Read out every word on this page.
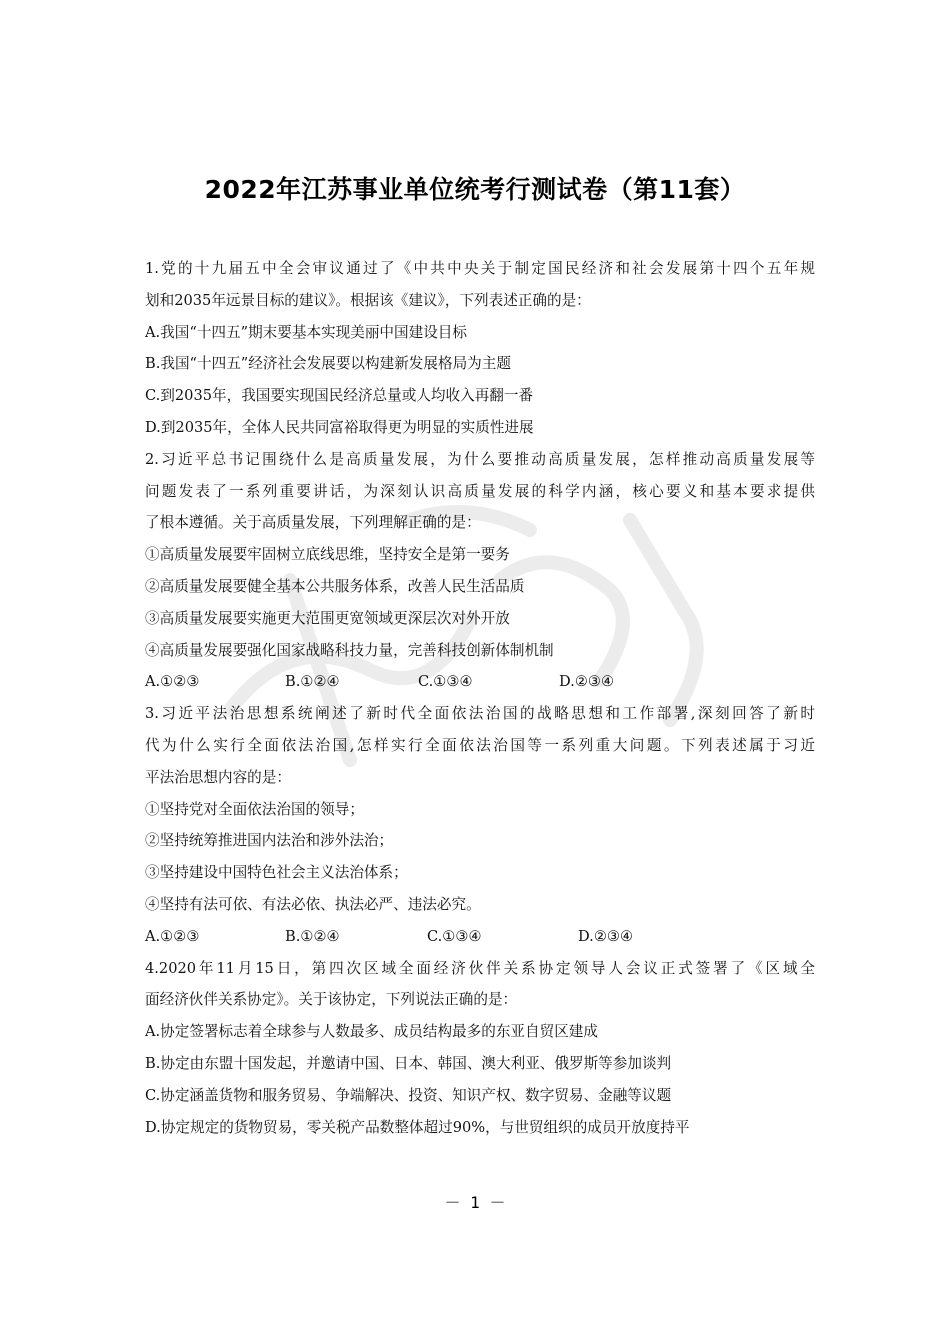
2022年江苏事业单位统考行测试卷（第11套）
1.党的十九届五中全会审议通过了《中共中央关于制定国民经济和社会发展第十四个五年规
划和2035年远景目标的建议》。根据该《建议》，下列表述正确的是：
A.我国“十四五”期末要基本实现美丽中国建设目标
B.我国“十四五”经济社会发展要以构建新发展格局为主题
C.到2035年，我国要实现国民经济总量或人均收入再翻一番
D.到2035年，全体人民共同富裕取得更为明显的实质性进展
2.习近平总书记围绕什么是高质量发展，为什么要推动高质量发展，怎样推动高质量发展等
问题发表了一系列重要讲话，为深刻认识高质量发展的科学内涵，核心要义和基本要求提供
了根本遵循。关于高质量发展，下列理解正确的是：
①高质量发展要牢固树立底线思维，坚持安全是第一要务
②高质量发展要健全基本公共服务体系，改善人民生活品质
③高质量发展要实施更大范围更宽领域更深层次对外开放
④高质量发展要强化国家战略科技力量，完善科技创新体制机制
A.①②③	B.①②④	C.①③④	D.②③④
3.习近平法治思想系统阐述了新时代全面依法治国的战略思想和工作部署,深刻回答了新时
代为什么实行全面依法治国,怎样实行全面依法治国等一系列重大问题。下列表述属于习近
平法治思想内容的是：
①坚持党对全面依法治国的领导；
②坚持统筹推进国内法治和涉外法治；
③坚持建设中国特色社会主义法治体系；
④坚持有法可依、有法必依、执法必严、违法必究。
A.①②③	B.①②④	C.①③④	D.②③④
4.2020年11月15日，第四次区域全面经济伙伴关系协定领导人会议正式签署了《区域全
面经济伙伴关系协定》。关于该协定，下列说法正确的是：
A.协定签署标志着全球参与人数最多、成员结构最多的东亚自贸区建成
B.协定由东盟十国发起，并邀请中国、日本、韩国、澳大利亚、俄罗斯等参加谈判
C.协定涵盖货物和服务贸易、争端解决、投资、知识产权、数字贸易、金融等议题
D.协定规定的货物贸易，零关税产品数整体超过90%，与世贸组织的成员开放度持平
－ 1 －
